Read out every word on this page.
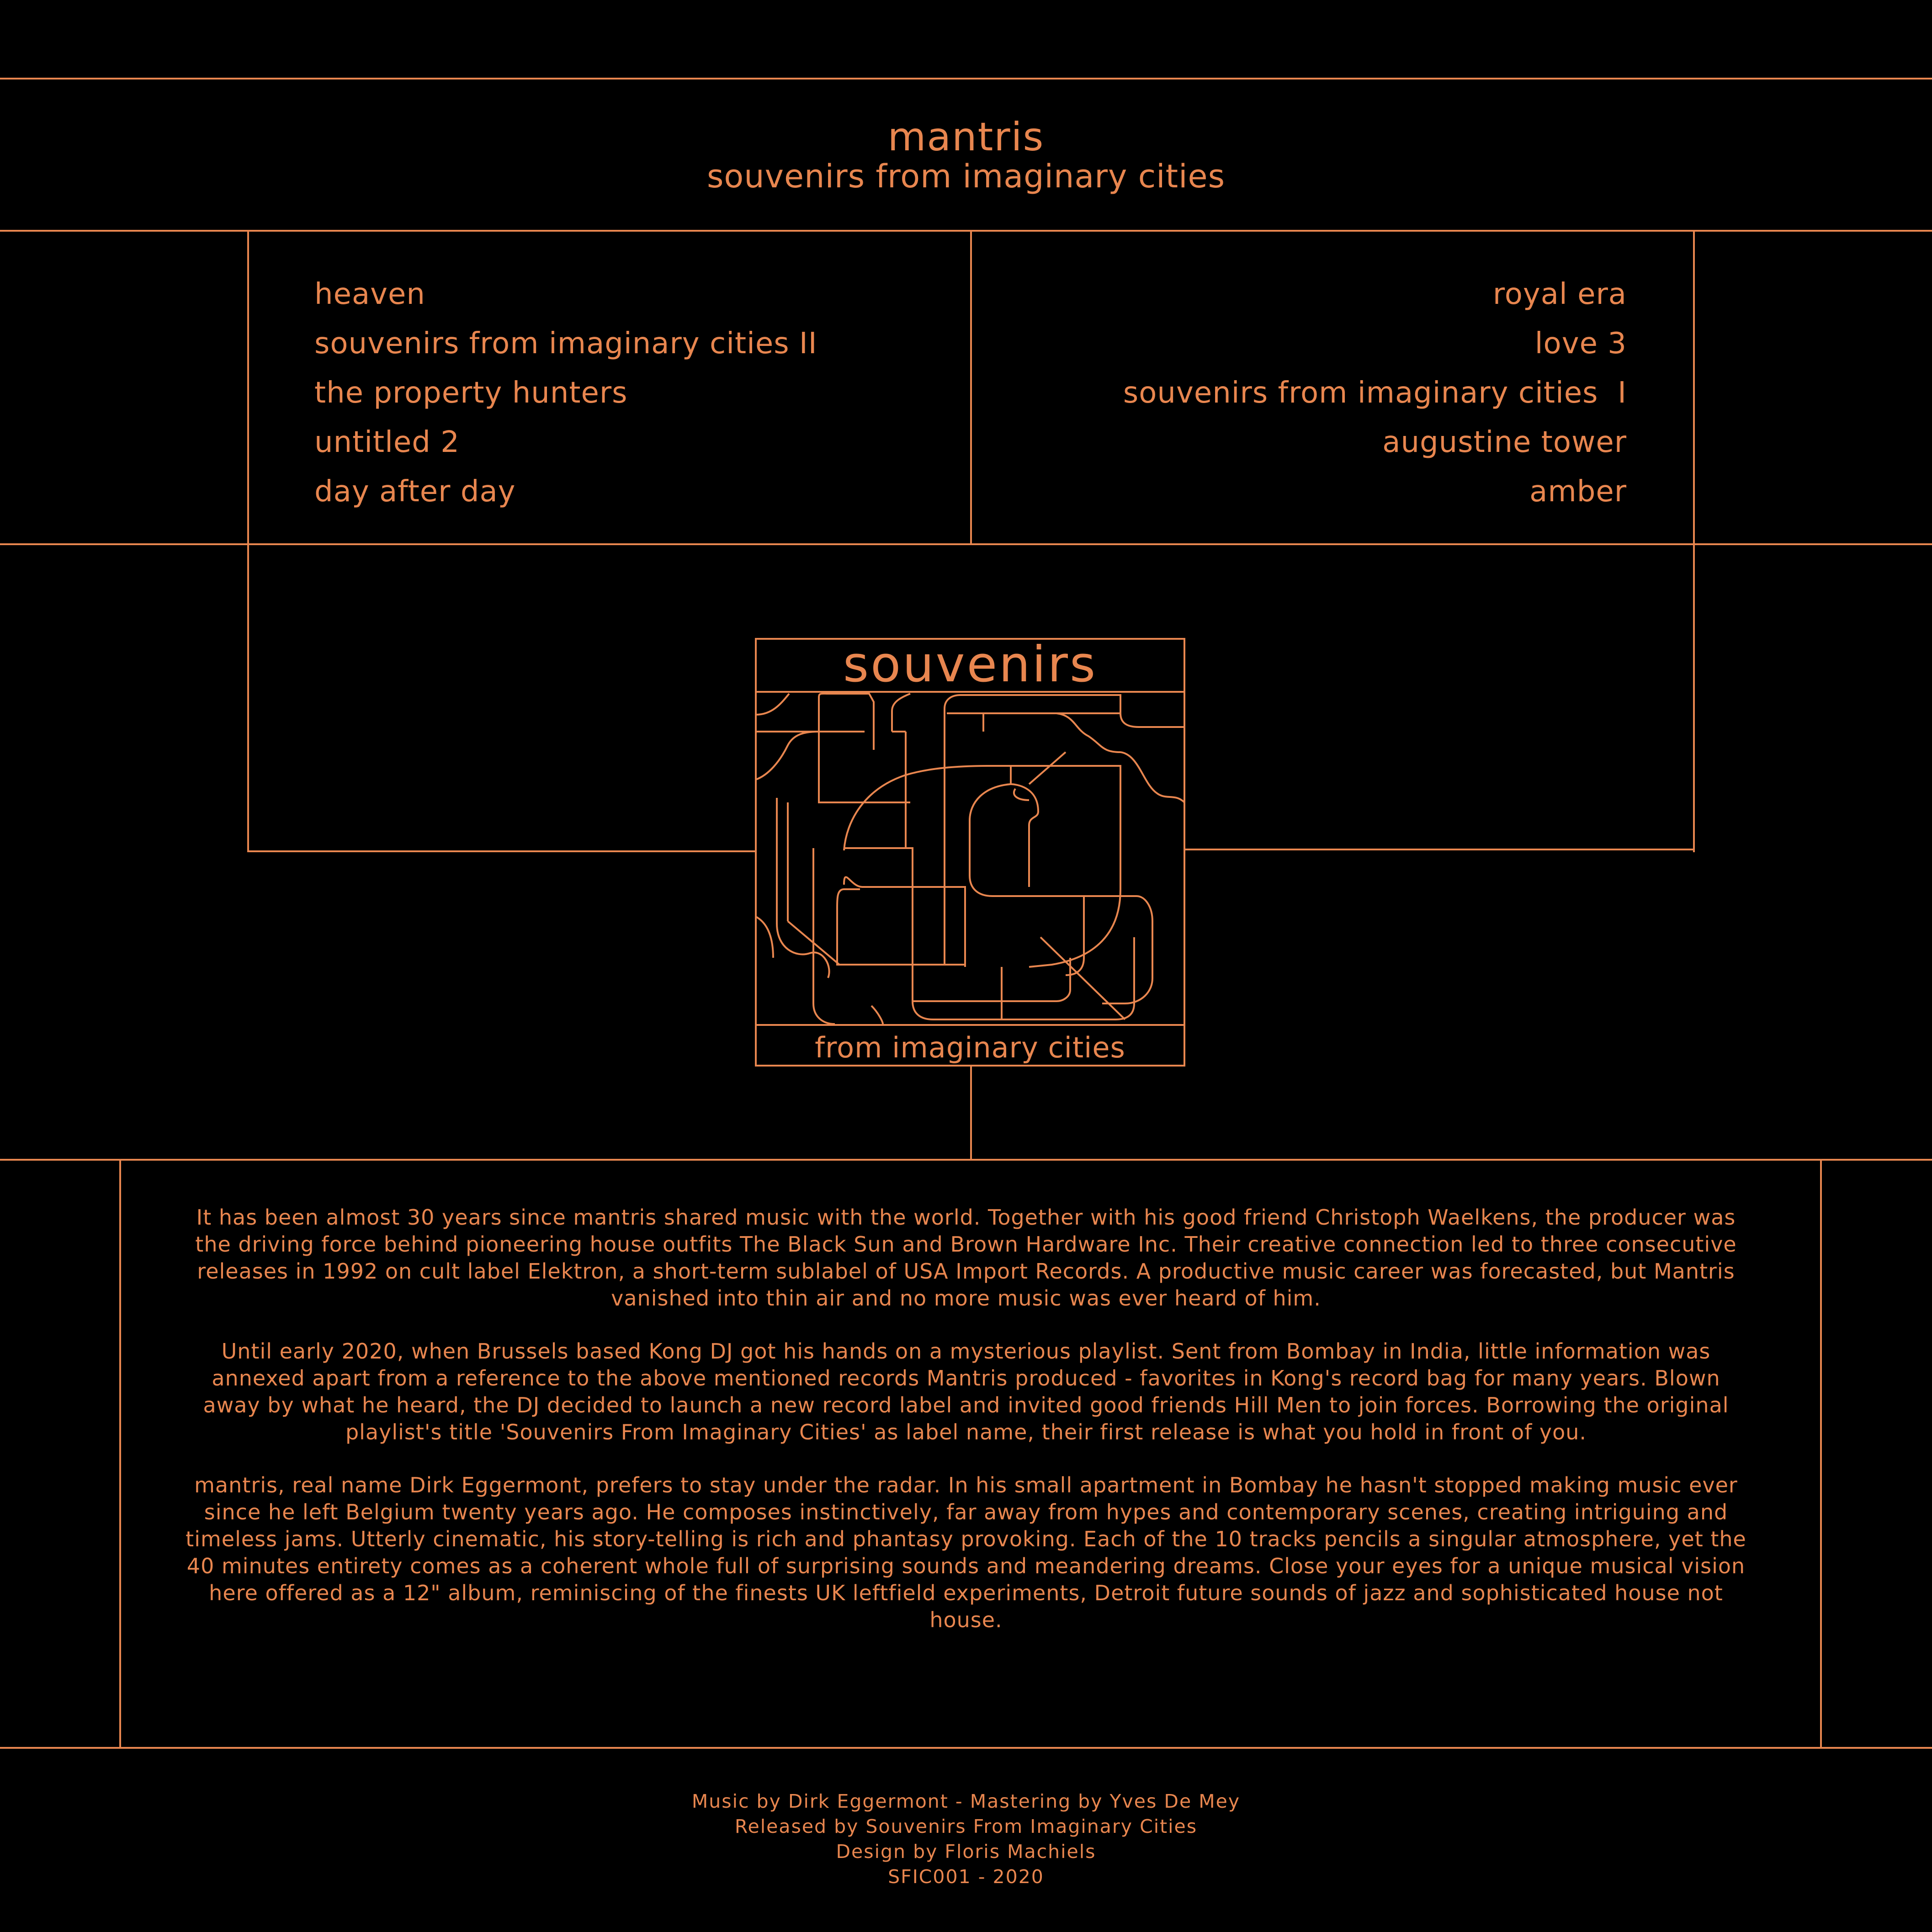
mantris
souvenirs from imaginary cities
heaven
souvenirs from imaginary cities II
the property hunters
untitled 2
day after day
royal era
love 3
souvenirs from imaginary cities  I
augustine tower
amber
souvenirs
from imaginary cities

It has been almost 30 years since mantris shared music with the world. Together with his good friend Christoph Waelkens, the producer was the driving force behind pioneering house outfits The Black Sun and Brown Hardware Inc. Their creative connection led to three consecutive releases in 1992 on cult label Elektron, a short-term sublabel of USA Import Records. A productive music career was forecasted, but Mantris vanished into thin air and no more music was ever heard of him.

Until early 2020, when Brussels based Kong DJ got his hands on a mysterious playlist. Sent from Bombay in India, little information was annexed apart from a reference to the above mentioned records Mantris produced - favorites in Kong's record bag for many years. Blown away by what he heard, the DJ decided to launch a new record label and invited good friends Hill Men to join forces. Borrowing the original playlist's title 'Souvenirs From Imaginary Cities' as label name, their first release is what you hold in front of you.

mantris, real name Dirk Eggermont, prefers to stay under the radar. In his small apartment in Bombay he hasn't stopped making music ever since he left Belgium twenty years ago. He composes instinctively, far away from hypes and contemporary scenes, creating intriguing and timeless jams. Utterly cinematic, his story-telling is rich and phantasy provoking. Each of the 10 tracks pencils a singular atmosphere, yet the 40 minutes entirety comes as a coherent whole full of surprising sounds and meandering dreams. Close your eyes for a unique musical vision here offered as a 12" album, reminiscing of the finests UK leftfield experiments, Detroit future sounds of jazz and sophisticated house not house.

Music by Dirk Eggermont - Mastering by Yves De Mey
Released by Souvenirs From Imaginary Cities
Design by Floris Machiels
SFIC001 - 2020
